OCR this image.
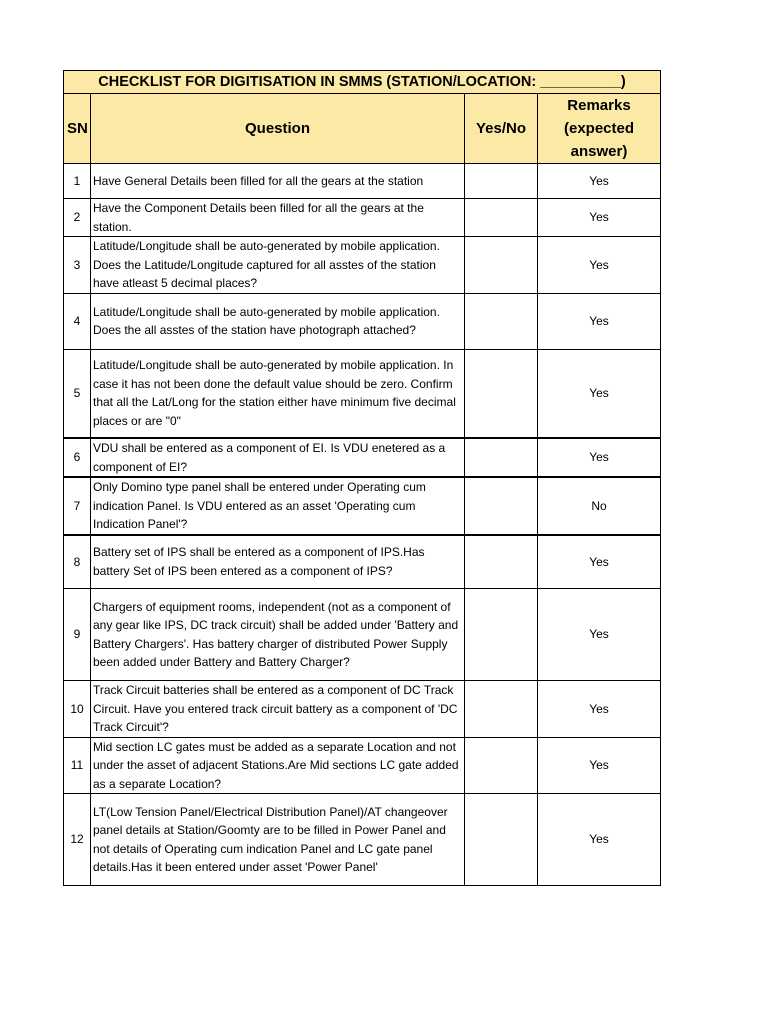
CHECKLIST FOR DIGITISATION IN SMMS (STATION/LOCATION: __________)			
SN	Question	Yes/No	Remarks
(expected
answer)

1	Have General Details been filled for all the gears at the station		Yes
2	Have the Component Details been filled for all the gears at the station.		Yes
3	Latitude/Longitude shall be auto-generated by mobile application. Does the Latitude/Longitude captured for all asstes of the station have atleast 5 decimal places?		Yes
4	Latitude/Longitude shall be auto-generated by mobile application. Does the all asstes of the station have photograph attached?		Yes
5	Latitude/Longitude shall be auto-generated by mobile application. In case it has not been done the default value should be zero. Confirm that all the Lat/Long for the station either have minimum five decimal places or are "0"		Yes
6	VDU shall be entered as a component of EI. Is VDU enetered as a component of EI?		Yes
7	Only Domino type panel shall be entered under Operating cum indication Panel. Is VDU entered as an asset 'Operating cum Indication Panel'?		No
8	Battery set of IPS shall be entered as a component of IPS.Has battery Set of IPS been entered as a component of IPS?		Yes
9	Chargers of equipment rooms, independent (not as a component of any gear like IPS, DC track circuit) shall be added under 'Battery and Battery Chargers'. Has battery charger of distributed Power Supply been added under Battery and Battery Charger?		Yes
10	Track Circuit batteries shall be entered as a component of DC Track Circuit. Have you entered track circuit battery as a component of 'DC Track Circuit'?		Yes
11	Mid section LC gates must be added as a separate Location and not under the asset of adjacent Stations.Are Mid sections LC gate added as a separate Location?		Yes
12	LT(Low Tension Panel/Electrical Distribution Panel)/AT changeover panel details at Station/Goomty are to be filled in Power Panel and not details of Operating cum indication Panel and LC gate panel details.Has it been entered under asset 'Power Panel'		Yes
